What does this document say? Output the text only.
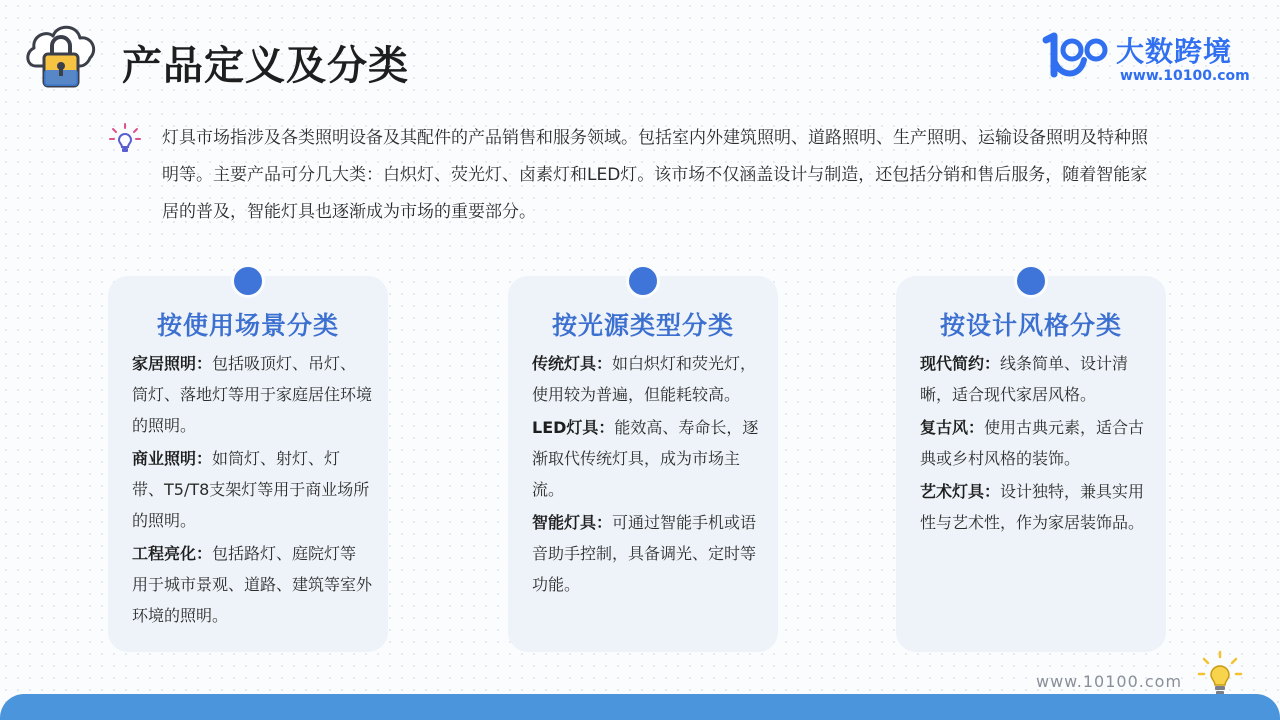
产品定义及分类	大数跨境
www.10100.com
灯具市场指涉及各类照明设备及其配件的产品销售和服务领域。包括室内外建筑照明、道路照明、生产照明、运输设备照明及特种照明等。主要产品可分几大类：白炽灯、荧光灯、卤素灯和LED灯。该市场不仅涵盖设计与制造，还包括分销和售后服务，随着智能家居的普及，智能灯具也逐渐成为市场的重要部分。
按使用场景分类

家居照明：包括吸顶灯、吊灯、筒灯、落地灯等用于家庭居住环境的照明。

商业照明：如筒灯、射灯、灯带、T5/T8支架灯等用于商业场所的照明。

工程亮化：包括路灯、庭院灯等用于城市景观、道路、建筑等室外环境的照明。

按光源类型分类

传统灯具：如白炽灯和荧光灯，使用较为普遍，但能耗较高。

LED灯具：能效高、寿命长，逐渐取代传统灯具，成为市场主流。

智能灯具：可通过智能手机或语音助手控制，具备调光、定时等功能。

按设计风格分类

现代简约：线条简单、设计清晰，适合现代家居风格。

复古风：使用古典元素，适合古典或乡村风格的装饰。

艺术灯具：设计独特，兼具实用性与艺术性，作为家居装饰品。

www.10100.com
